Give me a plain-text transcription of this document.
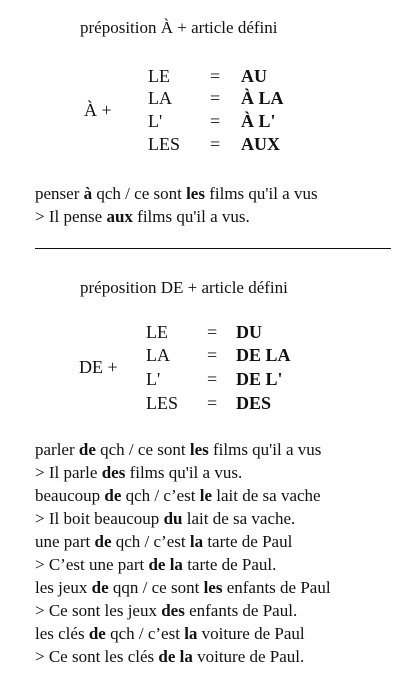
préposition À + article défini
À +
LE = AU
LA = À LA
L'	= À L'
LES = AUX
penser à qch / ce sont les films qu'il a vus
> Il pense aux films qu'il a vus.
préposition DE + article défini
DE +
LE = DU
LA = DE LA
L'	= DE L'
LES = DES
parler de qch / ce sont les films qu'il a vus
> Il parle des films qu'il a vus.
beaucoup de qch / c’est le lait de sa vache
> Il boit beaucoup du lait de sa vache.
une part de qch / c’est la tarte de Paul
> C’est une part de la tarte de Paul.
les jeux de qqn / ce sont les enfants de Paul
> Ce sont les jeux des enfants de Paul.
les clés de qch / c’est la voiture de Paul
> Ce sont les clés de la voiture de Paul.
